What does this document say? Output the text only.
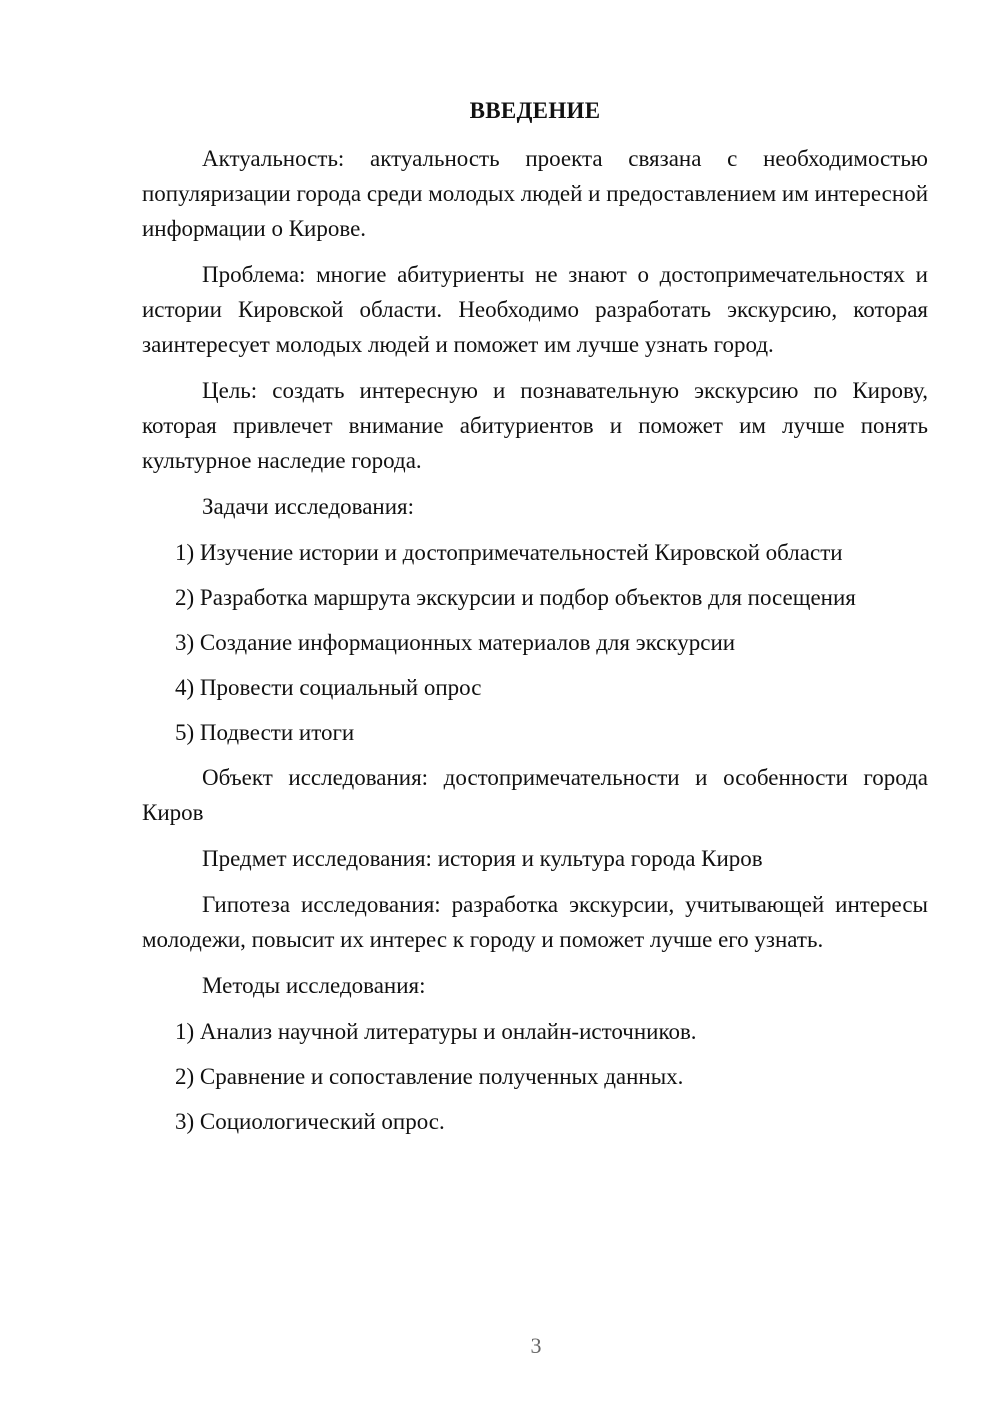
ВВЕДЕНИЕ

Актуальность: актуальность проекта связана с необходимостью популяризации города среди молодых людей и предоставлением им интересной информации о Кирове.

Проблема: многие абитуриенты не знают о достопримечательностях и истории Кировской области. Необходимо разработать экскурсию, которая заинтересует молодых людей и поможет им лучше узнать город.

Цель: создать интересную и познавательную экскурсию по Кирову, которая привлечет внимание абитуриентов и поможет им лучше понять культурное наследие города.

Задачи исследования:

1) Изучение истории и достопримечательностей Кировской области
2) Разработка маршрута экскурсии и подбор объектов для посещения
3) Создание информационных материалов для экскурсии
4) Провести социальный опрос
5) Подвести итоги

Объект исследования: достопримечательности и особенности города Киров

Предмет исследования: история и культура города Киров

Гипотеза исследования: разработка экскурсии, учитывающей интересы молодежи, повысит их интерес к городу и поможет лучше его узнать.

Методы исследования:

1) Анализ научной литературы и онлайн-источников.
2) Сравнение и сопоставление полученных данных.
3) Социологический опрос.
3
